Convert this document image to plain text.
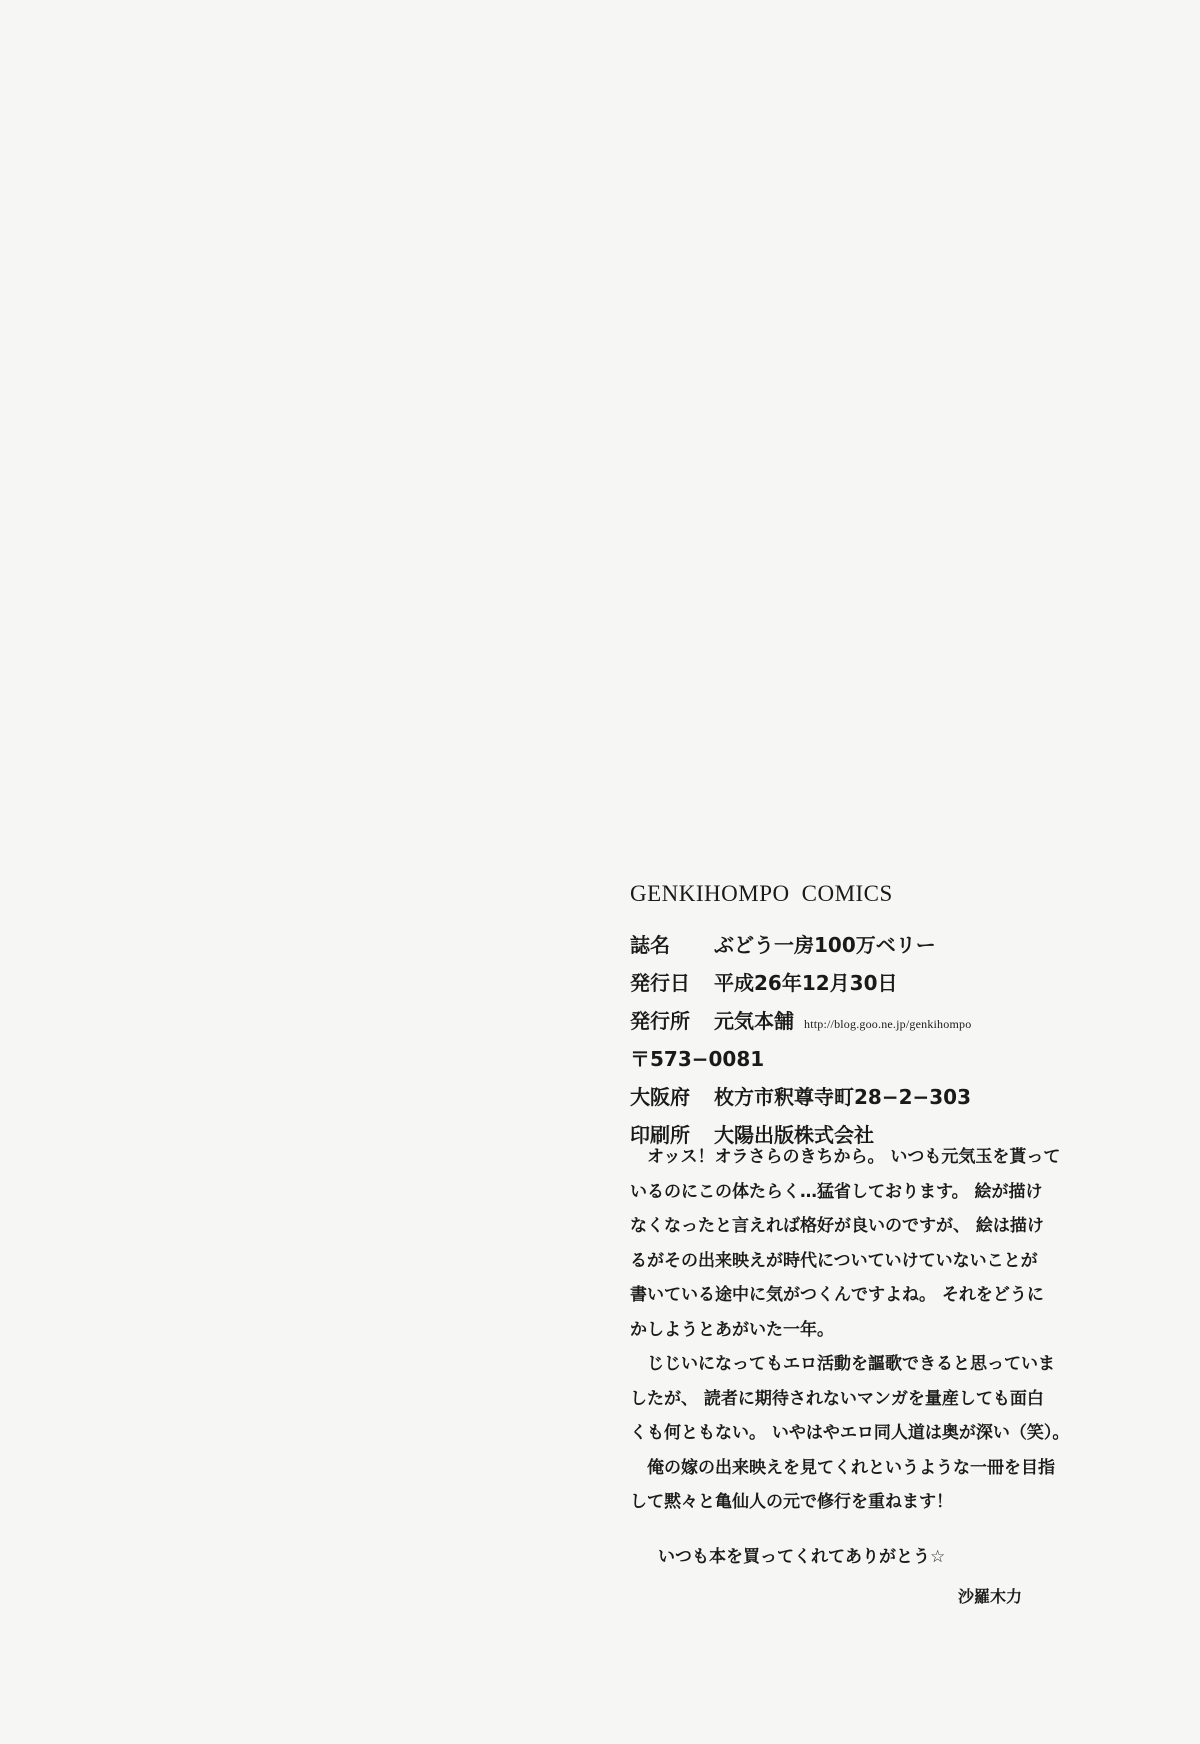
GENKIHOMPO COMICS
誌名	ぶどう一房100万ベリー
発行日	平成26年12月30日
発行所	元気本舗 http://blog.goo.ne.jp/genkihompo
〒573−0081
大阪府	枚方市釈尊寺町28−2−303
印刷所	大陽出版株式会社

　オッス！オラさらのきちから。 いつも元気玉を貰って

いるのにこの体たらく…猛省しております。 絵が描け

なくなったと言えれば格好が良いのですが、 絵は描け

るがその出来映えが時代についていけていないことが

書いている途中に気がつくんですよね。 それをどうに

かしようとあがいた一年。

　じじいになってもエロ活動を謳歌できると思っていま

したが、 読者に期待されないマンガを量産しても面白

くも何ともない。 いやはやエロ同人道は奥が深い（笑）。

　俺の嫁の出来映えを見てくれというような一冊を目指

して黙々と亀仙人の元で修行を重ねます！

いつも本を買ってくれてありがとう☆
沙羅木力
